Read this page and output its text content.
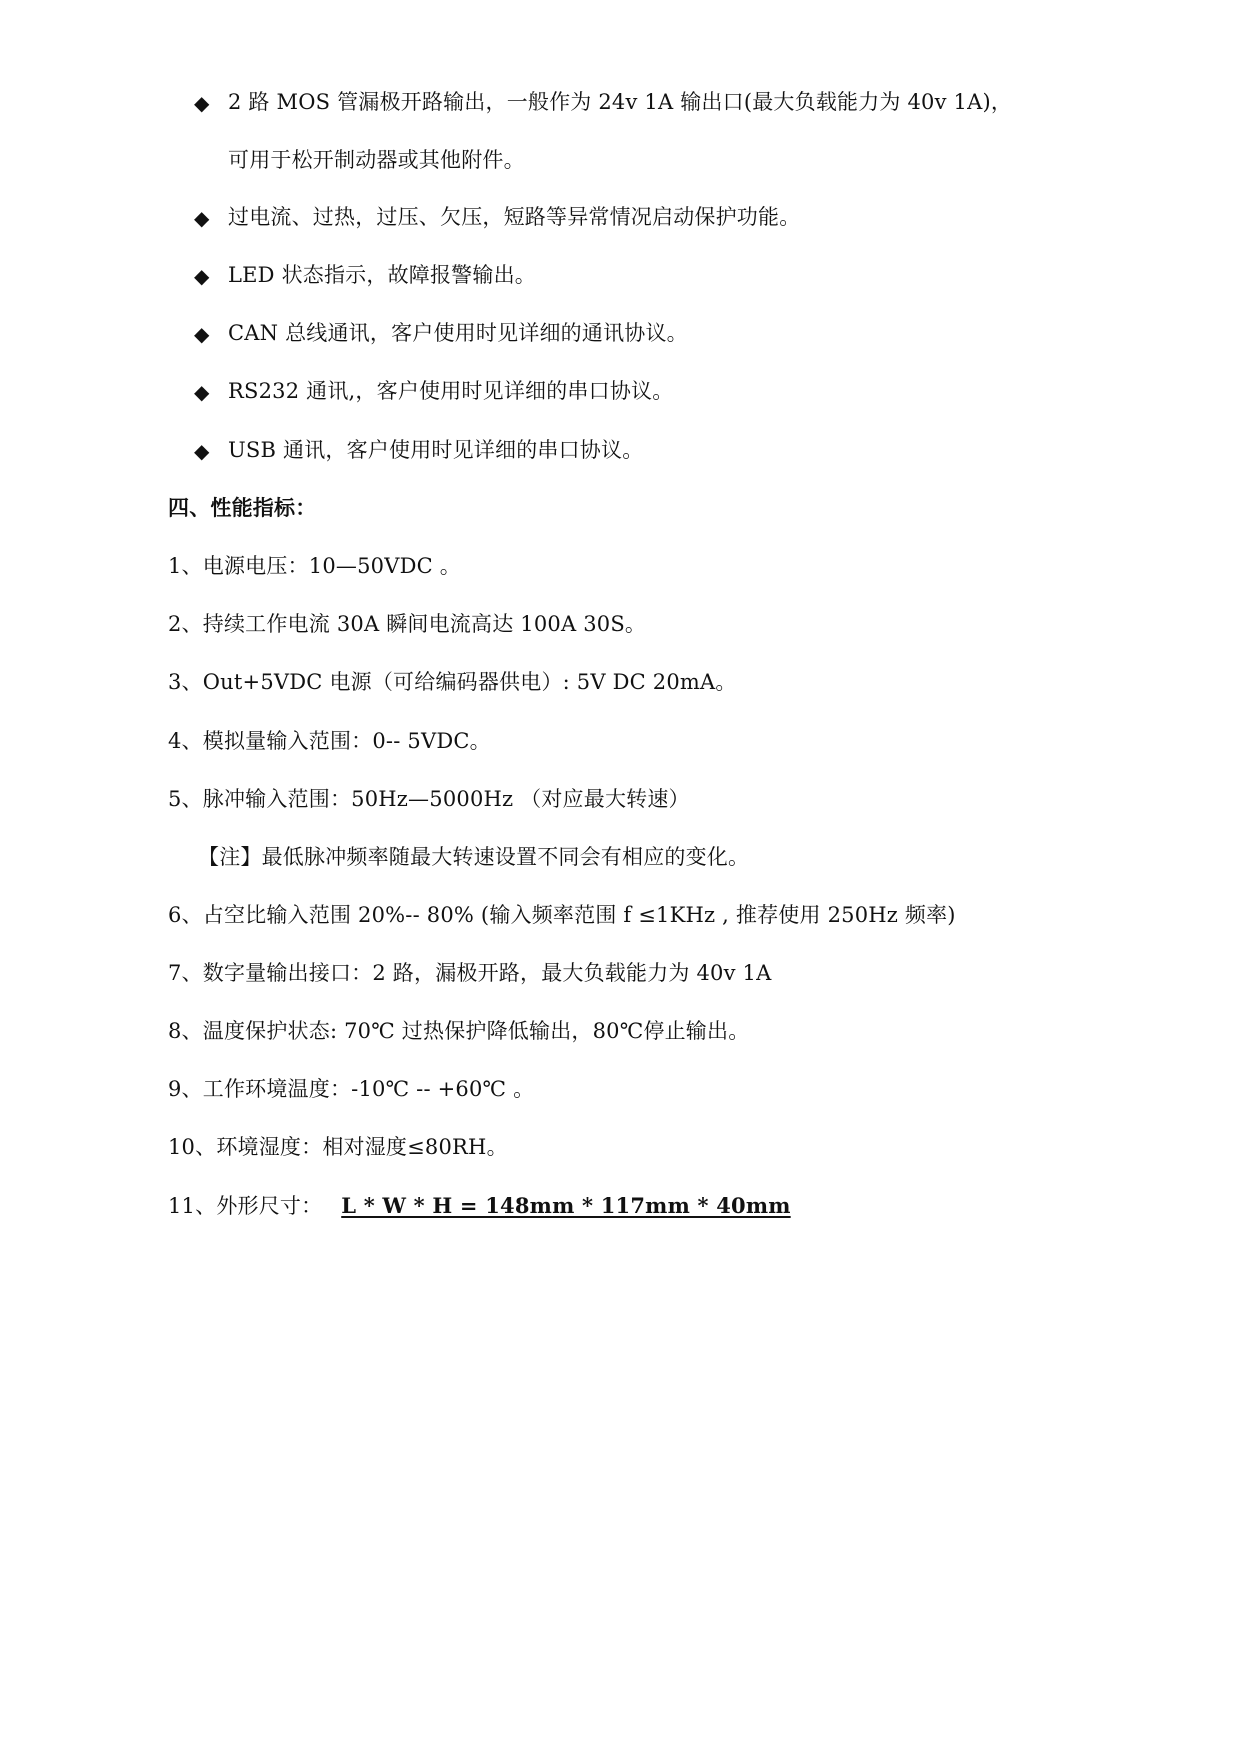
◆ 2 路 MOS 管漏极开路输出，一般作为 24v 1A 输出口(最大负载能力为 40v 1A)，
可用于松开制动器或其他附件。
◆ 过电流、过热，过压、欠压，短路等异常情况启动保护功能。
◆ LED 状态指示，故障报警输出。
◆ CAN 总线通讯，客户使用时见详细的通讯协议。
◆ RS232 通讯,，客户使用时见详细的串口协议。
◆ USB 通讯，客户使用时见详细的串口协议。
四、性能指标：
1、电源电压：10—50VDC 。
2、持续工作电流 30A 瞬间电流高达 100A 30S。
3、Out+5VDC 电源（可给编码器供电）: 5V DC 20mA。
4、模拟量输入范围：0-- 5VDC。
5、脉冲输入范围：50Hz—5000Hz （对应最大转速）
【注】最低脉冲频率随最大转速设置不同会有相应的变化。
6、占空比输入范围 20%-- 80% (输入频率范围 f ≤1KHz , 推荐使用 250Hz 频率)
7、数字量输出接口：2 路，漏极开路，最大负载能力为 40v 1A
8、温度保护状态: 70℃ 过热保护降低输出，80℃停止输出。
9、工作环境温度：-10℃ -- +60℃ 。
10、环境湿度：相对湿度≤80RH。
11、外形尺寸： L * W * H = 148mm * 117mm * 40mm
